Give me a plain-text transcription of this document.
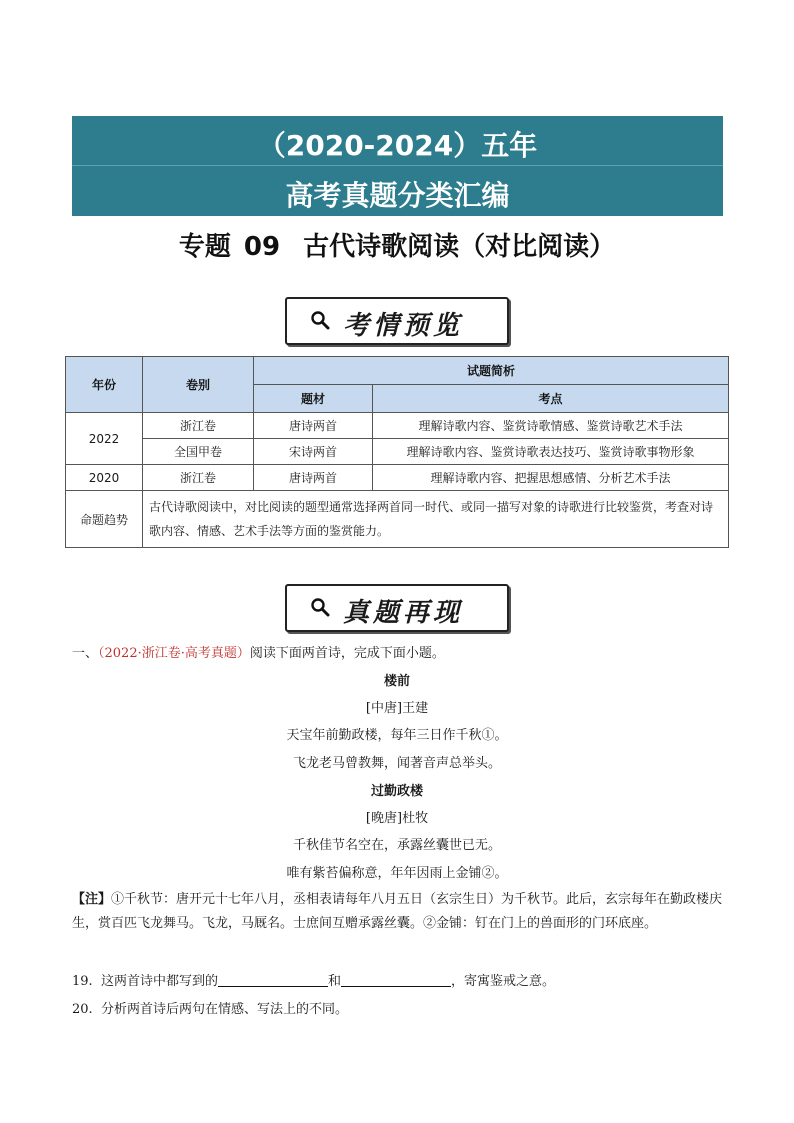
（2020-2024）五年
高考真题分类汇编
专题 09 古代诗歌阅读（对比阅读）
考情预览
年份	卷别	试题简析	
		题材	考点
2022	浙江卷	唐诗两首	理解诗歌内容、鉴赏诗歌情感、鉴赏诗歌艺术手法
	全国甲卷	宋诗两首	理解诗歌内容、鉴赏诗歌表达技巧、鉴赏诗歌事物形象
2020	浙江卷	唐诗两首	理解诗歌内容、把握思想感情、分析艺术手法
命题趋势	古代诗歌阅读中，对比阅读的题型通常选择两首同一时代、或同一描写对象的诗歌进行比较鉴赏，考查对诗歌内容、情感、艺术手法等方面的鉴赏能力。		
真题再现
一、（2022·浙江卷·高考真题）阅读下面两首诗，完成下面小题。
楼前
[中唐]王建
天宝年前勤政楼，每年三日作千秋①。
飞龙老马曾教舞，闻著音声总举头。
过勤政楼
[晚唐]杜牧
千秋佳节名空在，承露丝囊世已无。
唯有紫苔偏称意，年年因雨上金铺②。
【注】①千秋节：唐开元十七年八月，丞相表请每年八月五日（玄宗生日）为千秋节。此后，玄宗每年在勤政楼庆生，赏百匹飞龙舞马。飞龙，马厩名。士庶间互赠承露丝囊。②金铺：钉在门上的兽面形的门环底座。
19. 这两首诗中都写到的	和	，寄寓鉴戒之意。
20. 分析两首诗后两句在情感、写法上的不同。
